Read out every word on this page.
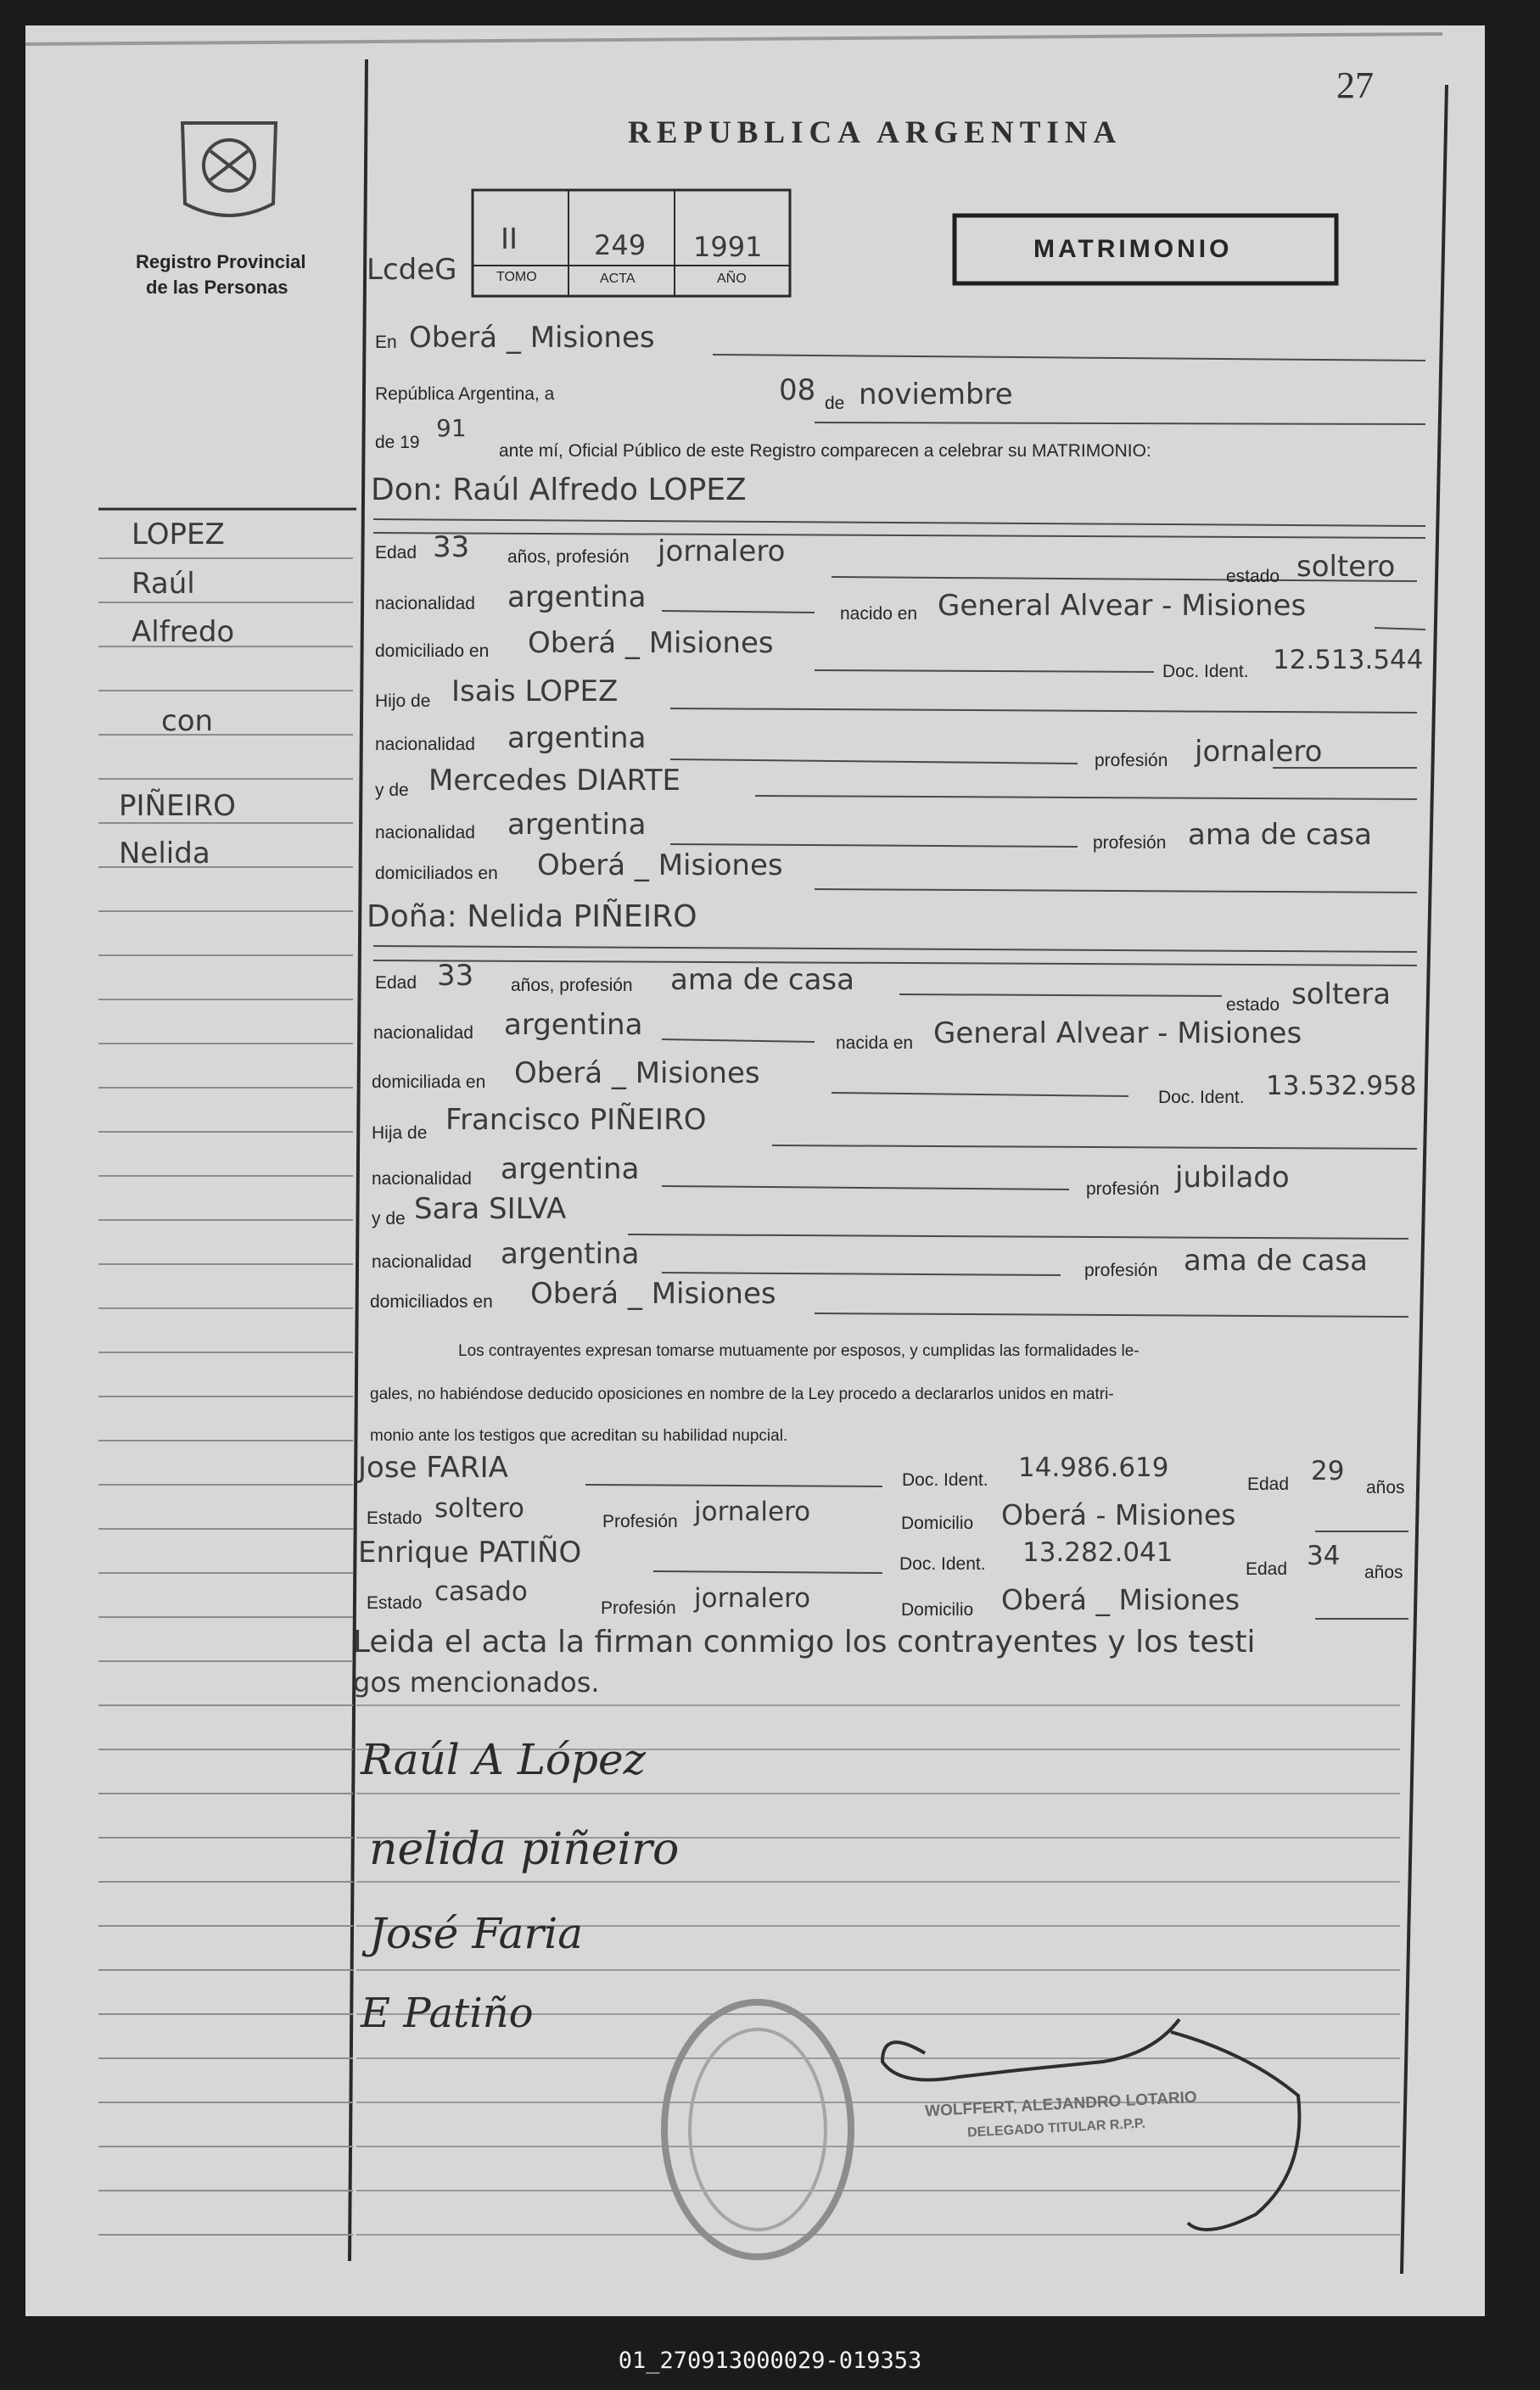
27
REPUBLICA ARGENTINA
Registro Provincial
de las Personas
LcdeG
II	249 1991
TOMO	ACTA	AÑO
MATRIMONIO
LOPEZ
Raúl
Alfredo
con
PIÑEIRO
Nelida
En Oberá _ Misiones
República Argentina, a	08 de noviembre
de 19
91
ante mí, Oficial Público de este Registro comparecen a celebrar su MATRIMONIO:
Don: Raúl Alfredo LOPEZ
Edad 33 años, profesión jornalero
estado soltero
nacionalidad argentina	nacido en General Alvear - Misiones
domiciliado en Oberá _ Misiones
Doc. Ident. 12.513.544
Hijo de Isais LOPEZ
nacionalidad argentina
profesión jornalero
y de Mercedes DIARTE
nacionalidad argentina
profesión ama de casa
domiciliados en Oberá _ Misiones
Doña: Nelida PIÑEIRO
Edad 33 años, profesión ama de casa
estado soltera
nacionalidad argentina
nacida en General Alvear - Misiones
domiciliada en Oberá _ Misiones
Doc. Ident. 13.532.958
Hija de Francisco PIÑEIRO
nacionalidad argentina
profesión jubilado
y de Sara SILVA
nacionalidad argentina	profesión ama de casa
domiciliados en Oberá _ Misiones
Los contrayentes expresan tomarse mutuamente por esposos, y cumplidas las formalidades le-
gales, no habiéndose deducido oposiciones en nombre de la Ley procedo a declararlos unidos en matri-
monio ante los testigos que acreditan su habilidad nupcial.
Jose FARIA	Doc. Ident. 14.986.619
Edad 29
años
Estado soltero	Profesión jornalero	Domicilio Oberá - Misiones
Enrique PATIÑO	Doc. Ident. 13.282.041
Edad 34
años
Estado casado
Profesión jornalero	Domicilio Oberá _ Misiones
Leida el acta la firman conmigo los contrayentes y los testi
gos mencionados.
Raúl A López
nelida piñeiro
José Faria
E Patiño
WOLFFERT, ALEJANDRO LOTARIO
DELEGADO TITULAR R.P.P.
01_270913000029-019353
